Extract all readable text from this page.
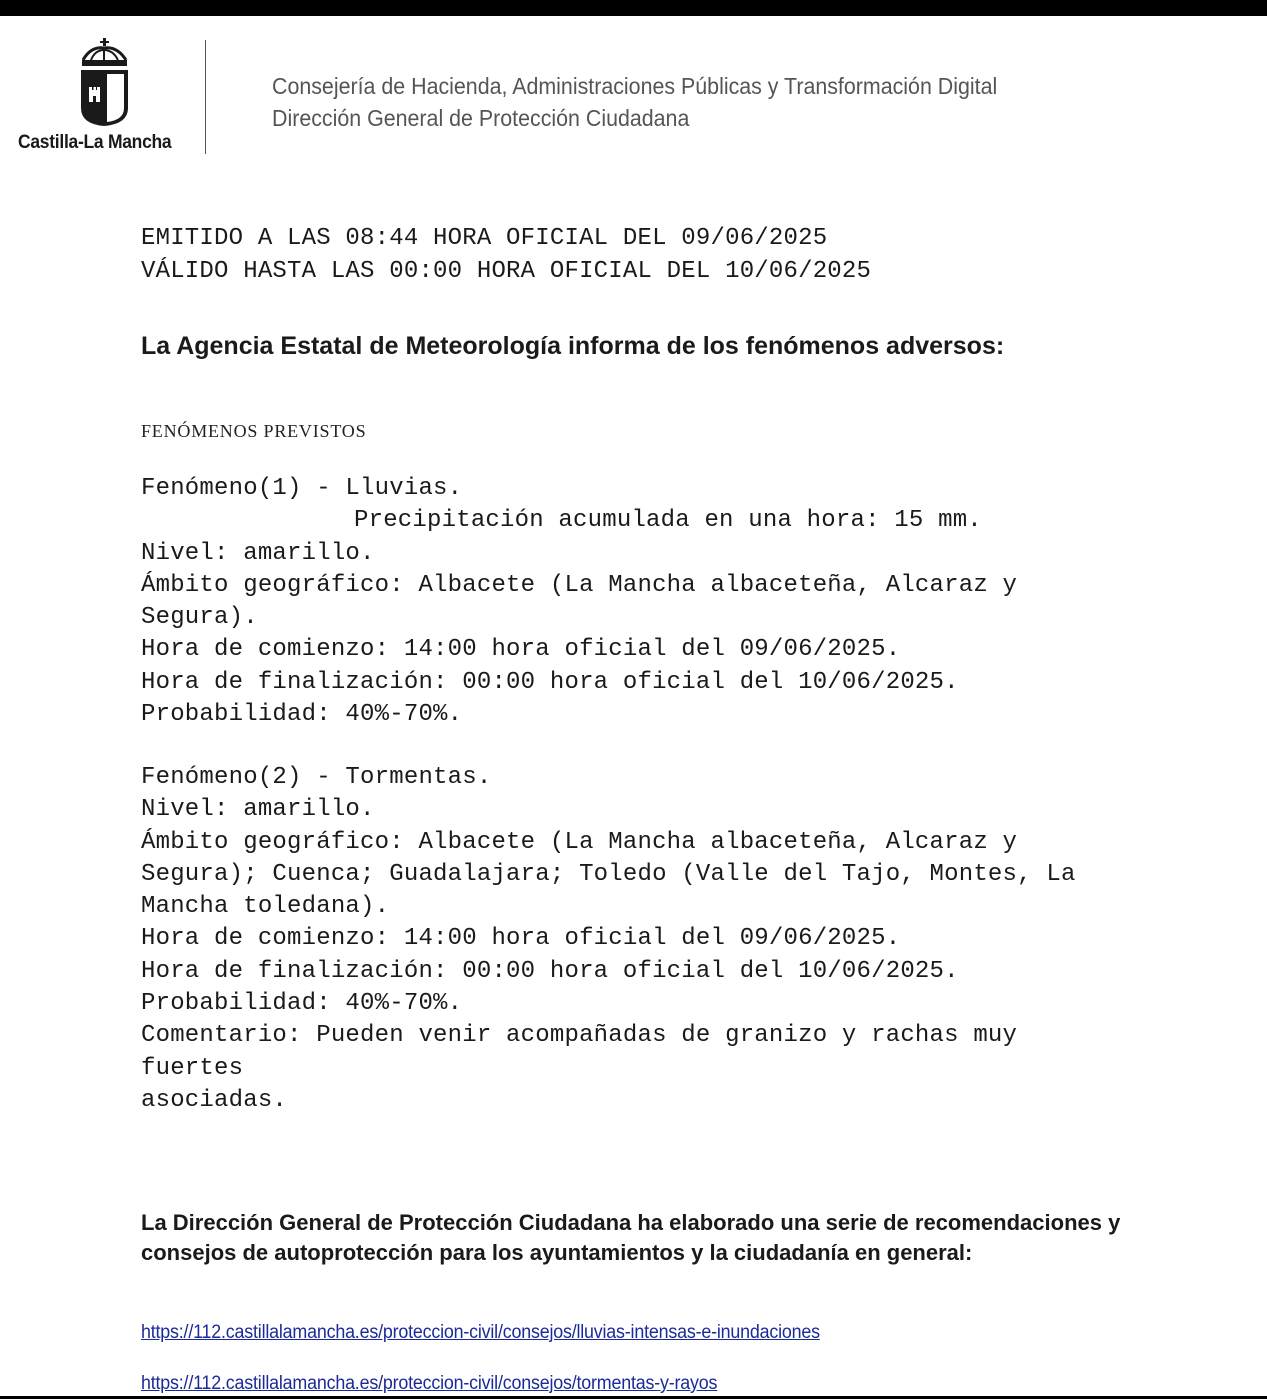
Castilla-La Mancha
Consejería de Hacienda, Administraciones Públicas y Transformación Digital
Dirección General de Protección Ciudadana
EMITIDO A LAS 08:44 HORA OFICIAL DEL 09/06/2025
VÁLIDO HASTA LAS 00:00 HORA OFICIAL DEL 10/06/2025
La Agencia Estatal de Meteorología informa de los fenómenos adversos:
FENÓMENOS PREVISTOS
Fenómeno(1) - Lluvias.
Precipitación acumulada en una hora: 15 mm.
Nivel: amarillo.
Ámbito geográfico: Albacete (La Mancha albaceteña, Alcaraz y
Segura).
Hora de comienzo: 14:00 hora oficial del 09/06/2025.
Hora de finalización: 00:00 hora oficial del 10/06/2025.
Probabilidad: 40%-70%.
Fenómeno(2) - Tormentas.
Nivel: amarillo.
Ámbito geográfico: Albacete (La Mancha albaceteña, Alcaraz y
Segura); Cuenca; Guadalajara; Toledo (Valle del Tajo, Montes, La
Mancha toledana).
Hora de comienzo: 14:00 hora oficial del 09/06/2025.
Hora de finalización: 00:00 hora oficial del 10/06/2025.
Probabilidad: 40%-70%.
Comentario: Pueden venir acompañadas de granizo y rachas muy
fuertes
asociadas.
La Dirección General de Protección Ciudadana ha elaborado una serie de recomendaciones y consejos de autoprotección para los ayuntamientos y la ciudadanía en general:
https://112.castillalamancha.es/proteccion-civil/consejos/lluvias-intensas-e-inundaciones
https://112.castillalamancha.es/proteccion-civil/consejos/tormentas-y-rayos
